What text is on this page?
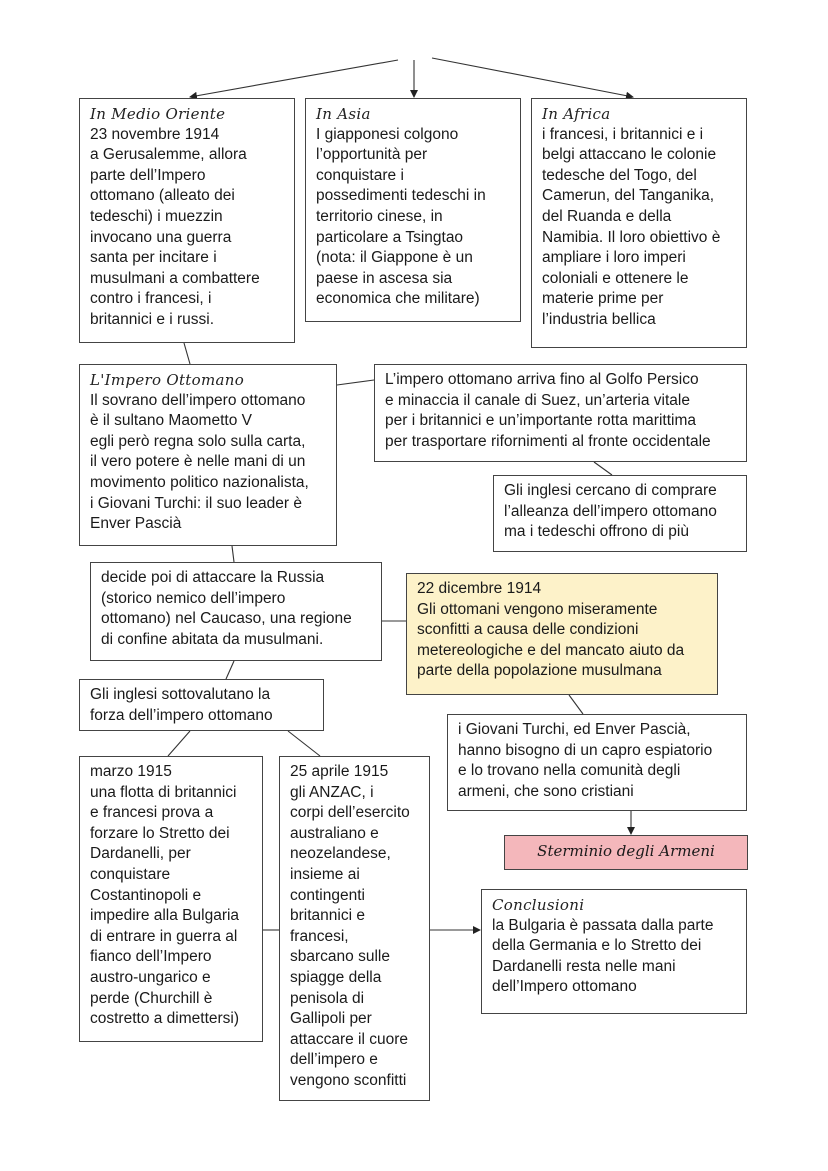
In Medio Oriente
23 novembre 1914
a Gerusalemme, allora
parte dell’Impero
ottomano (alleato dei
tedeschi) i muezzin
invocano una guerra
santa per incitare i
musulmani a combattere
contro i francesi, i
britannici e i russi.
In Asia
I giapponesi colgono
l’opportunità per
conquistare i
possedimenti tedeschi in
territorio cinese, in
particolare a Tsingtao
(nota: il Giappone è un
paese in ascesa sia
economica che militare)
In Africa
i francesi, i britannici e i
belgi attaccano le colonie
tedesche del Togo, del
Camerun, del Tanganika,
del Ruanda e della
Namibia. Il loro obiettivo è
ampliare i loro imperi
coloniali e ottenere le
materie prime per
l’industria bellica
L'Impero Ottomano
Il sovrano dell’impero ottomano
è il sultano Maometto V
egli però regna solo sulla carta,
il vero potere è nelle mani di un
movimento politico nazionalista,
i Giovani Turchi: il suo leader è
Enver Pascià
L’impero ottomano arriva fino al Golfo Persico
e minaccia il canale di Suez, un’arteria vitale
per i britannici e un’importante rotta marittima
per trasportare rifornimenti al fronte occidentale
Gli inglesi cercano di comprare
l’alleanza dell’impero ottomano
ma i tedeschi offrono di più
decide poi di attaccare la Russia
(storico nemico dell’impero
ottomano) nel Caucaso, una regione
di confine abitata da musulmani.
22 dicembre 1914
Gli ottomani vengono miseramente
sconfitti a causa delle condizioni
metereologiche e del mancato aiuto da
parte della popolazione musulmana
Gli inglesi sottovalutano la
forza dell’impero ottomano
i Giovani Turchi, ed Enver Pascià,
hanno bisogno di un capro espiatorio
e lo trovano nella comunità degli
armeni, che sono cristiani
Sterminio degli Armeni
marzo 1915
una flotta di britannici
e francesi prova a
forzare lo Stretto dei
Dardanelli, per
conquistare
Costantinopoli e
impedire alla Bulgaria
di entrare in guerra al
fianco dell’Impero
austro-ungarico e
perde (Churchill è
costretto a dimettersi)
25 aprile 1915
gli ANZAC, i
corpi dell’esercito
australiano e
neozelandese,
insieme ai
contingenti
britannici e
francesi,
sbarcano sulle
spiagge della
penisola di
Gallipoli per
attaccare il cuore
dell’impero e
vengono sconfitti
Conclusioni
la Bulgaria è passata dalla parte
della Germania e lo Stretto dei
Dardanelli resta nelle mani
dell’Impero ottomano
